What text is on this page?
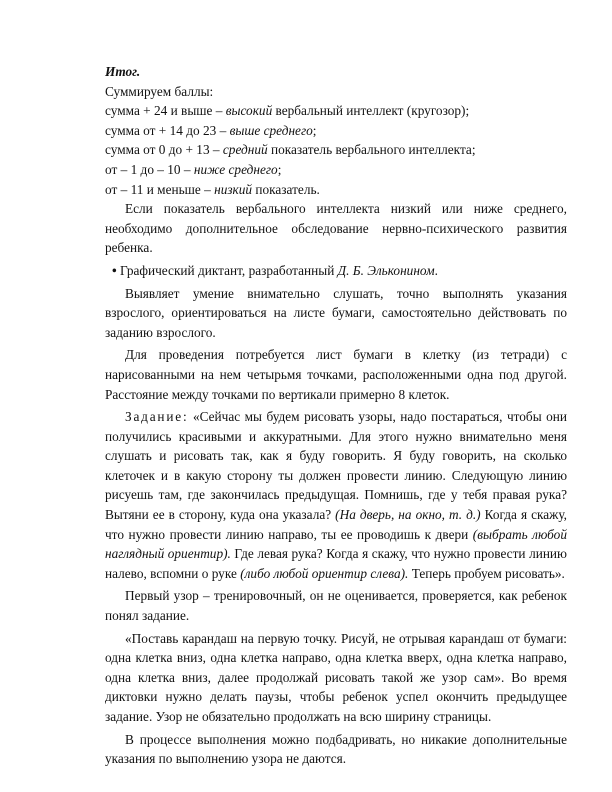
Итог.
Суммируем баллы:
сумма + 24 и выше – высокий вербальный интеллект (кругозор);
сумма от + 14 до 23 – выше среднего;
сумма от 0 до + 13 – средний показатель вербального интеллекта;
от – 1 до – 10 – ниже среднего;
от – 11 и меньше – низкий показатель.

Если показатель вербального интеллекта низкий или ниже среднего, необходимо дополнительное обследование нервно-психического развития ребенка.

• Графический диктант, разработанный Д. Б. Эльконином.

Выявляет умение внимательно слушать, точно выполнять указания взрослого, ориентироваться на листе бумаги, самостоятельно действовать по заданию взрослого.

Для проведения потребуется лист бумаги в клетку (из тетради) с нарисованными на нем четырьмя точками, расположенными одна под другой. Расстояние между точками по вертикали примерно 8 клеток.

Задание: «Сейчас мы будем рисовать узоры, надо постараться, чтобы они получились красивыми и аккуратными. Для этого нужно внимательно меня слушать и рисовать так, как я буду говорить. Я буду говорить, на сколько клеточек и в какую сторону ты должен провести линию. Следующую линию рисуешь там, где закончилась предыдущая. Помнишь, где у тебя правая рука? Вытяни ее в сторону, куда она указала? (На дверь, на окно, т. д.) Когда я скажу, что нужно провести линию направо, ты ее проводишь к двери (выбрать любой наглядный ориентир). Где левая рука? Когда я скажу, что нужно провести линию налево, вспомни о руке (либо любой ориентир слева). Теперь пробуем рисовать».

Первый узор – тренировочный, он не оценивается, проверяется, как ребенок понял задание.

«Поставь карандаш на первую точку. Рисуй, не отрывая карандаш от бумаги: одна клетка вниз, одна клетка направо, одна клетка вверх, одна клетка направо, одна клетка вниз, далее продолжай рисовать такой же узор сам». Во время диктовки нужно делать паузы, чтобы ребенок успел окончить предыдущее задание. Узор не обязательно продолжать на всю ширину страницы.

В процессе выполнения можно подбадривать, но никакие дополнительные указания по выполнению узора не даются.
